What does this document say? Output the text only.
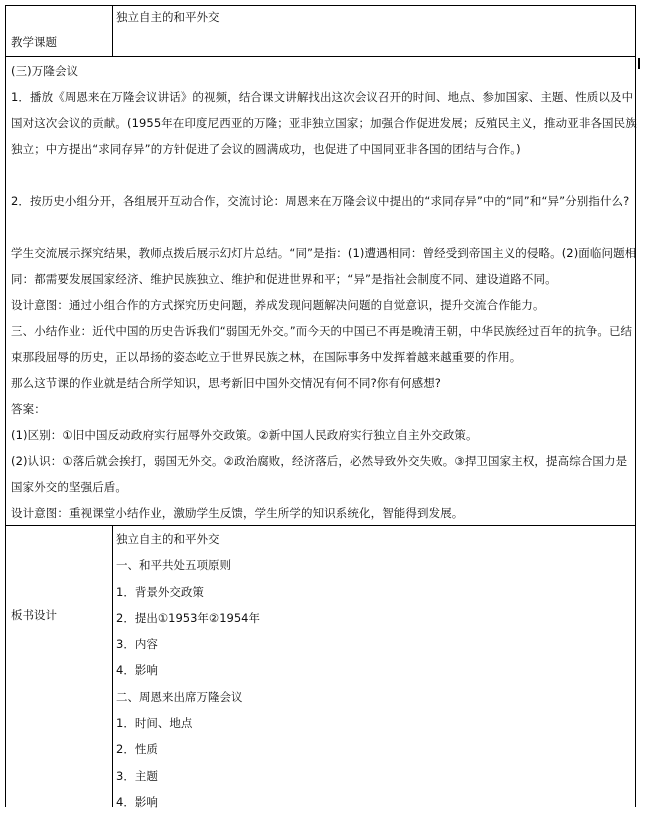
教学课题
独立自主的和平外交
(三)万隆会议
1．播放《周恩来在万隆会议讲话》的视频，结合课文讲解找出这次会议召开的时间、地点、参加国家、主题、性质以及中国对这次会议的贡献。(1955年在印度尼西亚的万隆；亚非独立国家；加强合作促进发展；反殖民主义，推动亚非各国民族独立；中方提出“求同存异”的方针促进了会议的圆满成功，也促进了中国同亚非各国的团结与合作。)
2．按历史小组分开，各组展开互动合作，交流讨论：周恩来在万隆会议中提出的“求同存异”中的“同”和“异”分别指什么?
学生交流展示探究结果，教师点拨后展示幻灯片总结。“同”是指：(1)遭遇相同：曾经受到帝国主义的侵略。(2)面临问题相同：都需要发展国家经济、维护民族独立、维护和促进世界和平；“异”是指社会制度不同、建设道路不同。
设计意图：通过小组合作的方式探究历史问题，养成发现问题解决问题的自觉意识，提升交流合作能力。
三、小结作业：近代中国的历史告诉我们“弱国无外交。”而今天的中国已不再是晚清王朝，中华民族经过百年的抗争。已结束那段屈辱的历史，正以昂扬的姿态屹立于世界民族之林，在国际事务中发挥着越来越重要的作用。
那么这节课的作业就是结合所学知识，思考新旧中国外交情况有何不同?你有何感想?
答案：
(1)区别：①旧中国反动政府实行屈辱外交政策。②新中国人民政府实行独立自主外交政策。
(2)认识：①落后就会挨打，弱国无外交。②政治腐败，经济落后，必然导致外交失败。③捍卫国家主权，提高综合国力是国家外交的坚强后盾。
设计意图：重视课堂小结作业，激励学生反馈，学生所学的知识系统化，智能得到发展。
板书设计
独立自主的和平外交
一、和平共处五项原则
1．背景外交政策
2．提出①1953年②1954年
3．内容
4．影响
二、周恩来出席万隆会议
1．时间、地点
2．性质
3．主题
4．影响
